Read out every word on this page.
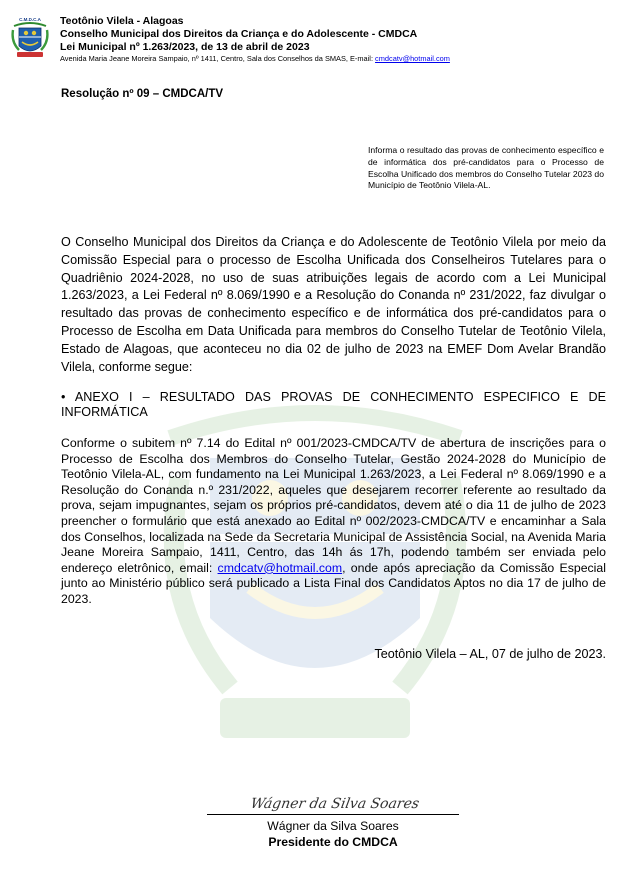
C.M.D.C.A Teotônio Vilela - Alagoas
Conselho Municipal dos Direitos da Criança e do Adolescente - CMDCA
Lei Municipal nº 1.263/2023, de 13 de abril de 2023
Avenida Maria Jeane Moreira Sampaio, nº 1411, Centro, Sala dos Conselhos da SMAS, E-mail: cmdcatv@hotmail.com
Resolução nº 09 – CMDCA/TV
Informa o resultado das provas de conhecimento específico e de informática dos pré-candidatos para o Processo de Escolha Unificado dos membros do Conselho Tutelar 2023 do Município de Teotônio Vilela-AL.
O Conselho Municipal dos Direitos da Criança e do Adolescente de Teotônio Vilela por meio da Comissão Especial para o processo de Escolha Unificada dos Conselheiros Tutelares para o Quadriênio 2024-2028, no uso de suas atribuições legais de acordo com a Lei Municipal 1.263/2023, a Lei Federal nº 8.069/1990 e a Resolução do Conanda nº 231/2022, faz divulgar o resultado das provas de conhecimento específico e de informática dos pré-candidatos para o Processo de Escolha em Data Unificada para membros do Conselho Tutelar de Teotônio Vilela, Estado de Alagoas, que aconteceu no dia 02 de julho de 2023 na EMEF Dom Avelar Brandão Vilela, conforme segue:
• ANEXO I – RESULTADO DAS PROVAS DE CONHECIMENTO ESPECIFICO E DE INFORMÁTICA
Conforme o subitem nº 7.14 do Edital nº 001/2023-CMDCA/TV de abertura de inscrições para o Processo de Escolha dos Membros do Conselho Tutelar, Gestão 2024-2028 do Município de Teotônio Vilela-AL, com fundamento na Lei Municipal 1.263/2023, a Lei Federal nº 8.069/1990 e a Resolução do Conanda n.º 231/2022, aqueles que desejarem recorrer referente ao resultado da prova, sejam impugnantes, sejam os próprios pré-candidatos, devem até o dia 11 de julho de 2023 preencher o formulário que está anexado ao Edital nº 002/2023-CMDCA/TV e encaminhar a Sala dos Conselhos, localizada na Sede da Secretaria Municipal de Assistência Social, na Avenida Maria Jeane Moreira Sampaio, 1411, Centro, das 14h ás 17h, podendo também ser enviada pelo endereço eletrônico, email: cmdcatv@hotmail.com, onde após apreciação da Comissão Especial junto ao Ministério público será publicado a Lista Final dos Candidatos Aptos no dia 17 de julho de 2023.
Teotônio Vilela – AL, 07 de julho de 2023.
Wágner da Silva Soares
Wágner da Silva Soares
Presidente do CMDCA
